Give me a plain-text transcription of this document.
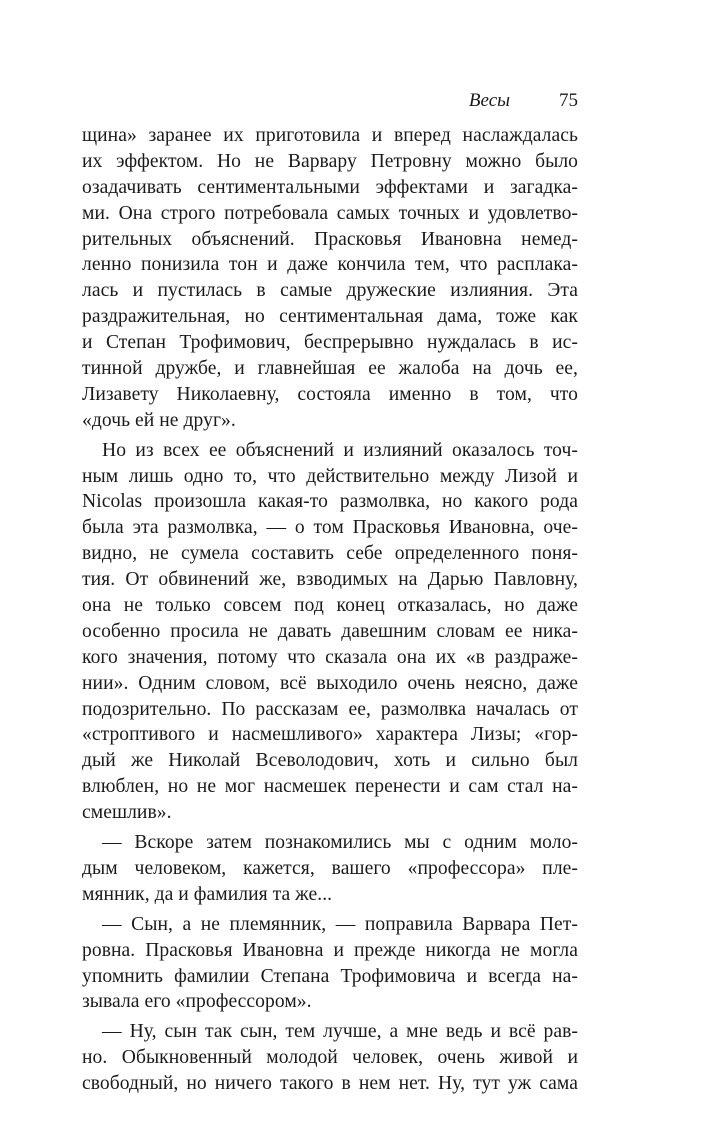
Весы	75
щина» заранее их приготовила и вперед наслаждалась
их эффектом. Но не Варвару Петровну можно было
озадачивать сентиментальными эффектами и загадка-
ми. Она строго потребовала самых точных и удовлетво-
рительных объяснений. Прасковья Ивановна немед-
ленно понизила тон и даже кончила тем, что расплака-
лась и пустилась в самые дружеские излияния. Эта
раздражительная, но сентиментальная дама, тоже как
и Степан Трофимович, беспрерывно нуждалась в ис-
тинной дружбе, и главнейшая ее жалоба на дочь ее,
Лизавету Николаевну, состояла именно в том, что
«дочь ей не друг».
Но из всех ее объяснений и излияний оказалось точ-
ным лишь одно то, что действительно между Лизой и
Nicolas произошла какая-то размолвка, но какого рода
была эта размолвка, — о том Прасковья Ивановна, оче-
видно, не сумела составить себе определенного поня-
тия. От обвинений же, взводимых на Дарью Павловну,
она не только совсем под конец отказалась, но даже
особенно просила не давать давешним словам ее ника-
кого значения, потому что сказала она их «в раздраже-
нии». Одним словом, всё выходило очень неясно, даже
подозрительно. По рассказам ее, размолвка началась от
«строптивого и насмешливого» характера Лизы; «гор-
дый же Николай Всеволодович, хоть и сильно был
влюблен, но не мог насмешек перенести и сам стал на-
смешлив».
— Вскоре затем познакомились мы с одним моло-
дым человеком, кажется, вашего «профессора» пле-
мянник, да и фамилия та же...
— Сын, а не племянник, — поправила Варвара Пет-
ровна. Прасковья Ивановна и прежде никогда не могла
упомнить фамилии Степана Трофимовича и всегда на-
зывала его «профессором».
— Ну, сын так сын, тем лучше, а мне ведь и всё рав-
но. Обыкновенный молодой человек, очень живой и
свободный, но ничего такого в нем нет. Ну, тут уж сама
